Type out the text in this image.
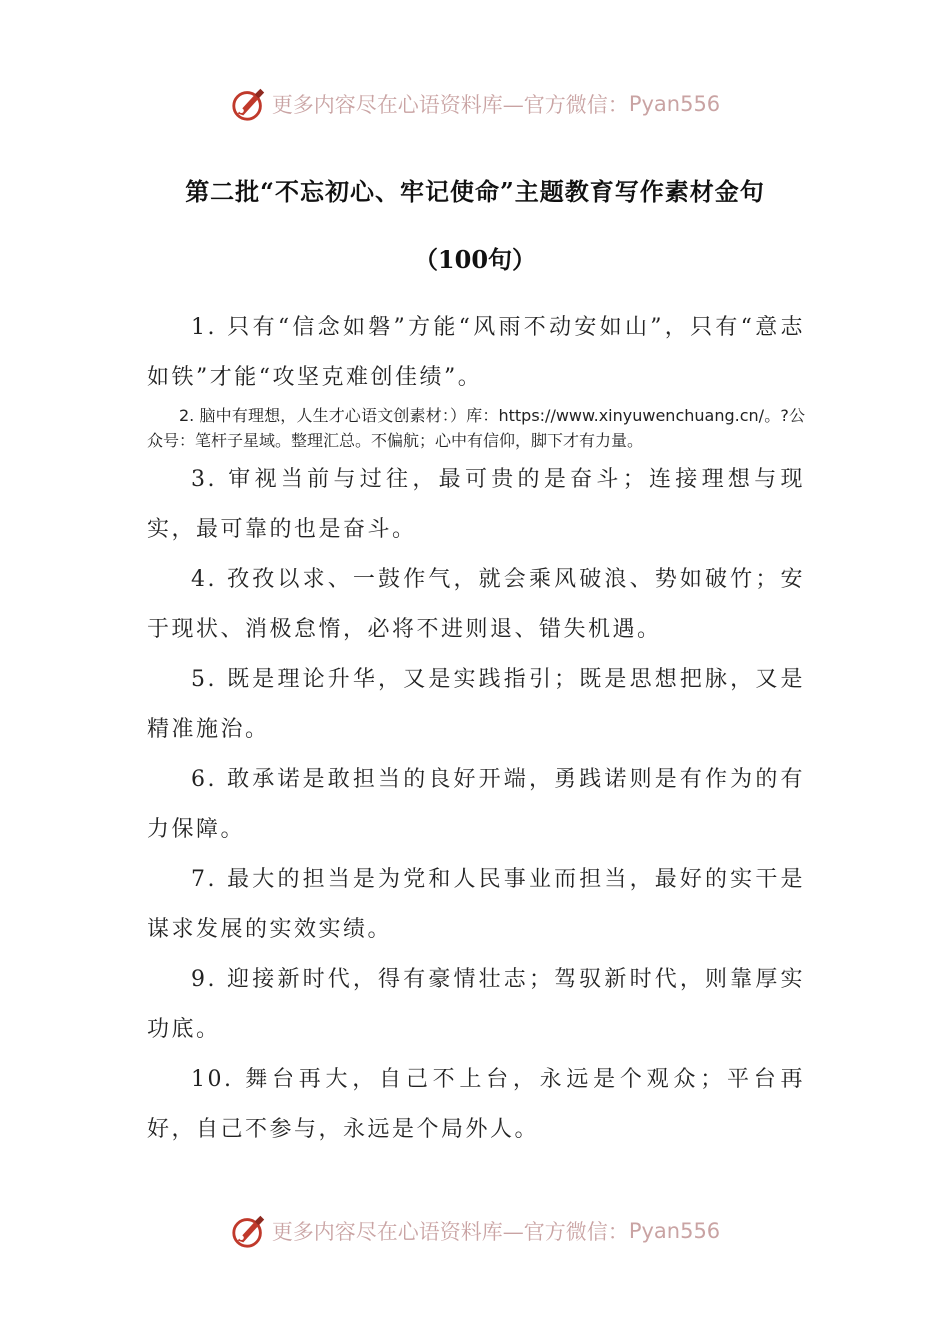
更多内容尽在心语资料库—官方微信： Pyan556
第二批“不忘初心、牢记使命”主题教育写作素材金句
（100句）

1. 只有“信念如磐”方能“风雨不动安如山”，只有“意志如铁”才能“攻坚克难创佳绩”。

2. 脑中有理想，人生才心语文创素材：）库：https://www.xinyuwenchuang.cn/。?公众号：笔杆子星域。整理汇总。不偏航；心中有信仰，脚下才有力量。

3. 审视当前与过往，最可贵的是奋斗；连接理想与现实，最可靠的也是奋斗。

4. 孜孜以求、一鼓作气，就会乘风破浪、势如破竹；安于现状、消极怠惰，必将不进则退、错失机遇。

5. 既是理论升华，又是实践指引；既是思想把脉，又是精准施治。

6. 敢承诺是敢担当的良好开端，勇践诺则是有作为的有力保障。

7. 最大的担当是为党和人民事业而担当，最好的实干是谋求发展的实效实绩。

9. 迎接新时代，得有豪情壮志；驾驭新时代，则靠厚实功底。

10. 舞台再大，自己不上台，永远是个观众；平台再好，自己不参与，永远是个局外人。

更多内容尽在心语资料库—官方微信： Pyan556
